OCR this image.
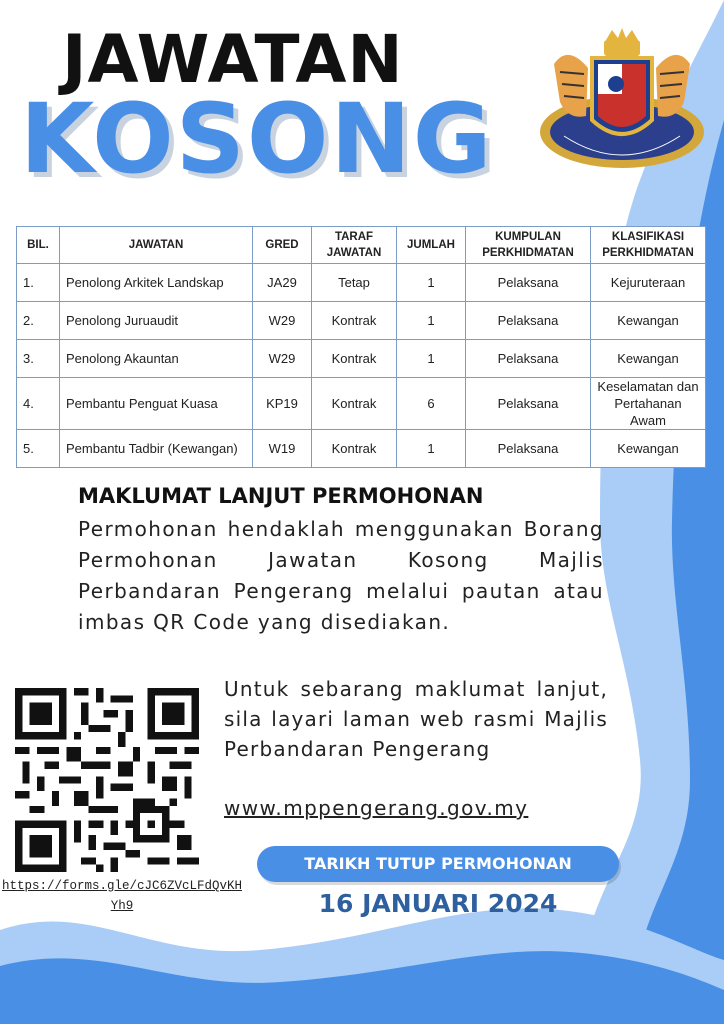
JAWATAN
KOSONG
BIL.	JAWATAN	GRED	TARAF JAWATAN	JUMLAH	KUMPULAN PERKHIDMATAN	KLASIFIKASI PERKHIDMATAN
1.	Penolong Arkitek Landskap	JA29	Tetap	1	Pelaksana	Kejuruteraan
2.	Penolong Juruaudit	W29	Kontrak	1	Pelaksana	Kewangan
3.	Penolong Akauntan	W29	Kontrak	1	Pelaksana	Kewangan
4.	Pembantu Penguat Kuasa	KP19	Kontrak	6	Pelaksana	Keselamatan dan Pertahanan Awam
5.	Pembantu Tadbir (Kewangan)	W19	Kontrak	1	Pelaksana	Kewangan
MAKLUMAT LANJUT PERMOHONAN

Permohonan hendaklah menggunakan Borang Permohonan Jawatan Kosong Majlis Perbandaran Pengerang melalui pautan atau imbas QR Code yang disediakan.

https://forms.gle/cJC6ZVcLFdQvKHYh9

Untuk sebarang maklumat lanjut, sila layari laman web rasmi Majlis Perbandaran Pengerang

www.mppengerang.gov.my
TARIKH TUTUP PERMOHONAN
16 JANUARI 2024
